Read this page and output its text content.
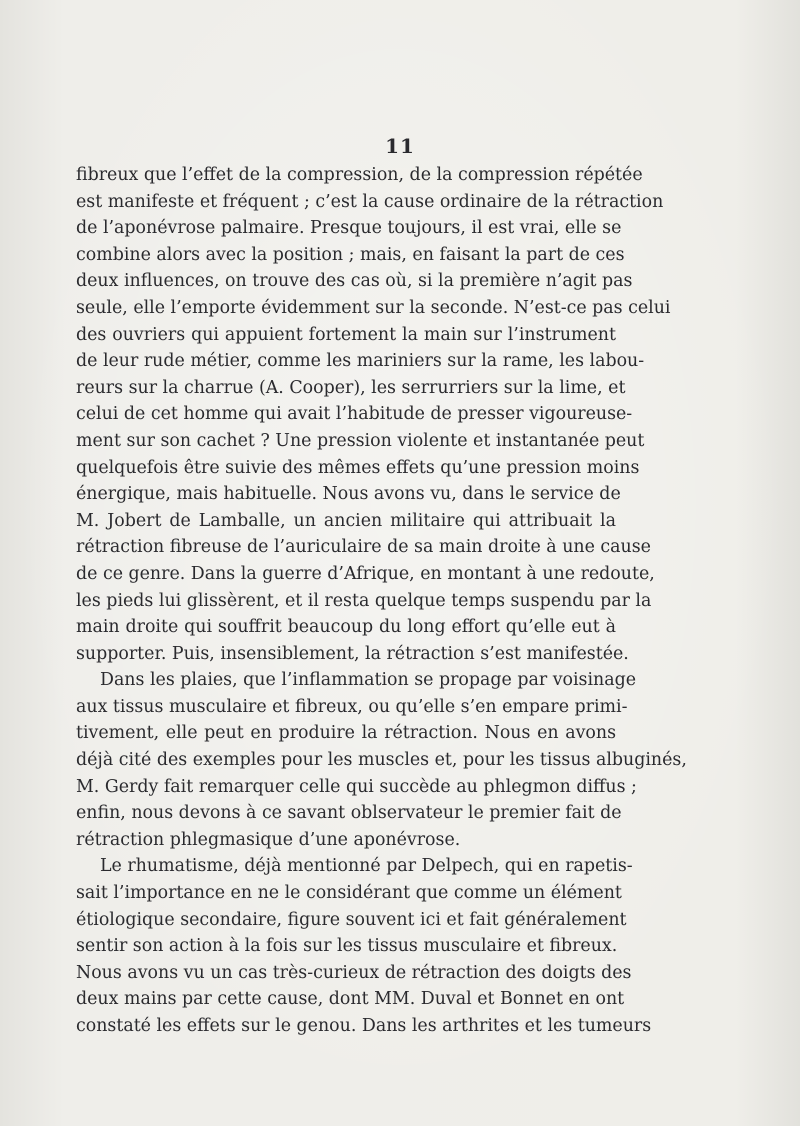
11
fibreux que l’effet de la compression, de la compression répétée
est manifeste et fréquent ; c’est la cause ordinaire de la rétraction
de l’aponévrose palmaire. Presque toujours, il est vrai, elle se
combine alors avec la position ; mais, en faisant la part de ces
deux influences, on trouve des cas où, si la première n’agit pas
seule, elle l’emporte évidemment sur la seconde. N’est-ce pas celui
des ouvriers qui appuient fortement la main sur l’instrument
de leur rude métier, comme les mariniers sur la rame, les labou-
reurs sur la charrue (A. Cooper), les serrurriers sur la lime, et
celui de cet homme qui avait l’habitude de presser vigoureuse-
ment sur son cachet ? Une pression violente et instantanée peut
quelquefois être suivie des mêmes effets qu’une pression moins
énergique, mais habituelle. Nous avons vu, dans le service de
M. Jobert de Lamballe, un ancien militaire qui attribuait la
rétraction fibreuse de l’auriculaire de sa main droite à une cause
de ce genre. Dans la guerre d’Afrique, en montant à une redoute,
les pieds lui glissèrent, et il resta quelque temps suspendu par la
main droite qui souffrit beaucoup du long effort qu’elle eut à
supporter. Puis, insensiblement, la rétraction s’est manifestée.
Dans les plaies, que l’inflammation se propage par voisinage
aux tissus musculaire et fibreux, ou qu’elle s’en empare primi-
tivement, elle peut en produire la rétraction. Nous en avons
déjà cité des exemples pour les muscles et, pour les tissus albuginés,
M. Gerdy fait remarquer celle qui succède au phlegmon diffus ;
enfin, nous devons à ce savant oblservateur le premier fait de
rétraction phlegmasique d’une aponévrose.
Le rhumatisme, déjà mentionné par Delpech, qui en rapetis-
sait l’importance en ne le considérant que comme un élément
étiologique secondaire, figure souvent ici et fait généralement
sentir son action à la fois sur les tissus musculaire et fibreux.
Nous avons vu un cas très-curieux de rétraction des doigts des
deux mains par cette cause, dont MM. Duval et Bonnet en ont
constaté les effets sur le genou. Dans les arthrites et les tumeurs
